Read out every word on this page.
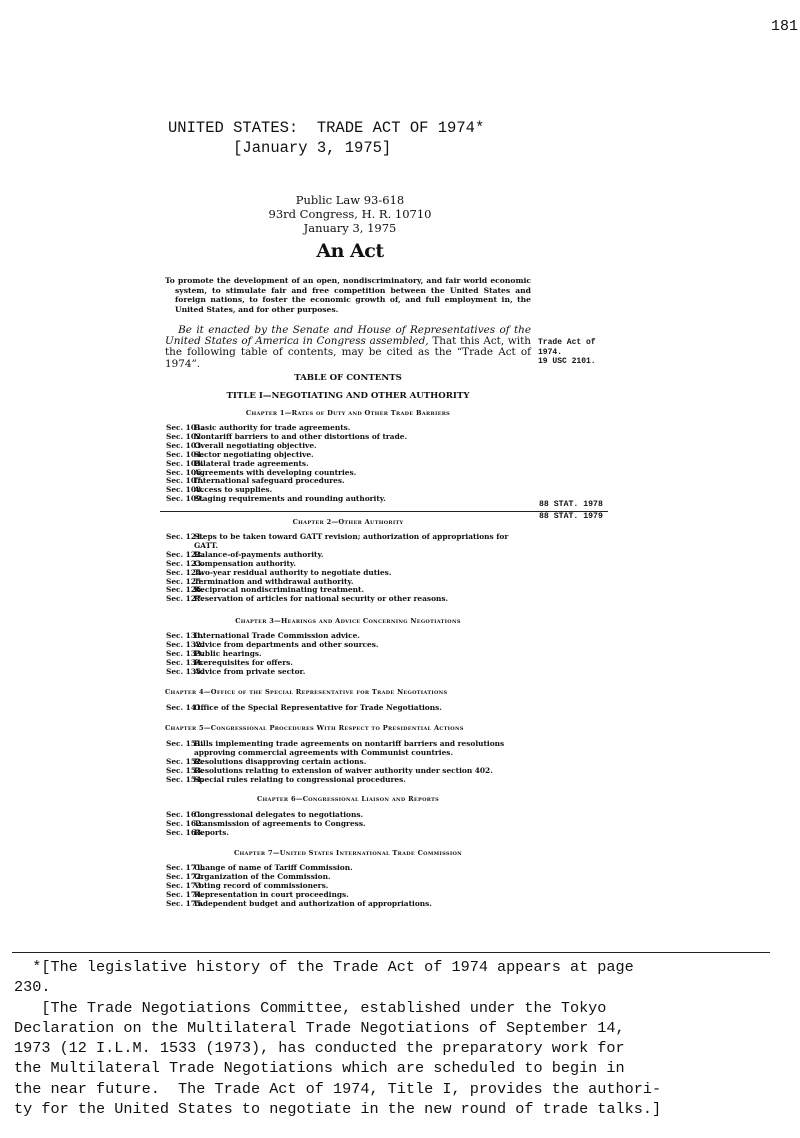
181
UNITED STATES:  TRADE ACT OF 1974*
[January 3, 1975]
Public Law 93-618
93rd Congress, H. R. 10710
January 3, 1975
An Act
To promote the development of an open, nondiscriminatory, and fair world economic system, to stimulate fair and free competition between the United States and foreign nations, to foster the economic growth of, and full employment in, the United States, and for other purposes.
Be it enacted by the Senate and House of Representatives of the United States of America in Congress assembled, That this Act, with the following table of contents, may be cited as the “Trade Act of 1974”.
Trade Act of
1974.
19 USC 2101.
TABLE OF CONTENTS
TITLE I—NEGOTIATING AND OTHER AUTHORITY
Chapter 1—Rates of Duty and Other Trade Barriers
Sec. 101.
Basic authority for trade agreements.
Sec. 102.
Nontariff barriers to and other distortions of trade.
Sec. 103.
Overall negotiating objective.
Sec. 104.
Sector negotiating objective.
Sec. 105.
Bilateral trade agreements.
Sec. 106.
Agreements with developing countries.
Sec. 107.
International safeguard procedures.
Sec. 108.
Access to supplies.
Sec. 109.
Staging requirements and rounding authority.
88 STAT. 1978
88 STAT. 1979
Chapter 2—Other Authority
Sec. 121.
Steps to be taken toward GATT revision; authorization of appropriations for GATT.
Sec. 122.
Balance-of-payments authority.
Sec. 123.
Compensation authority.
Sec. 124.
Two-year residual authority to negotiate duties.
Sec. 125.
Termination and withdrawal authority.
Sec. 126.
Reciprocal nondiscriminating treatment.
Sec. 127.
Reservation of articles for national security or other reasons.
Chapter 3—Hearings and Advice Concerning Negotiations
Sec. 131.
International Trade Commission advice.
Sec. 132.
Advice from departments and other sources.
Sec. 133.
Public hearings.
Sec. 134.
Prerequisites for offers.
Sec. 135.
Advice from private sector.
Chapter 4—Office of the Special Representative for Trade Negotiations
Sec. 141.
Office of the Special Representative for Trade Negotiations.
Chapter 5—Congressional Procedures With Respect to Presidential Actions
Sec. 151.
Bills implementing trade agreements on nontariff barriers and resolutions approving commercial agreements with Communist countries.
Sec. 152.
Resolutions disapproving certain actions.
Sec. 153.
Resolutions relating to extension of waiver authority under section 402.
Sec. 154.
Special rules relating to congressional procedures.
Chapter 6—Congressional Liaison and Reports
Sec. 161.
Congressional delegates to negotiations.
Sec. 162.
Transmission of agreements to Congress.
Sec. 163.
Reports.
Chapter 7—United States International Trade Commission
Sec. 171.
Change of name of Tariff Commission.
Sec. 172.
Organization of the Commission.
Sec. 173.
Voting record of commissioners.
Sec. 174.
Representation in court proceedings.
Sec. 175.
Independent budget and authorization of appropriations.

*[The legislative history of the Trade Act of 1974 appears at page

230.

[The Trade Negotiations Committee, established under the Tokyo

Declaration on the Multilateral Trade Negotiations of September 14,

1973 (12 I.L.M. 1533 (1973), has conducted the preparatory work for

the Multilateral Trade Negotiations which are scheduled to begin in

the near future.  The Trade Act of 1974, Title I, provides the authori-

ty for the United States to negotiate in the new round of trade talks.]
